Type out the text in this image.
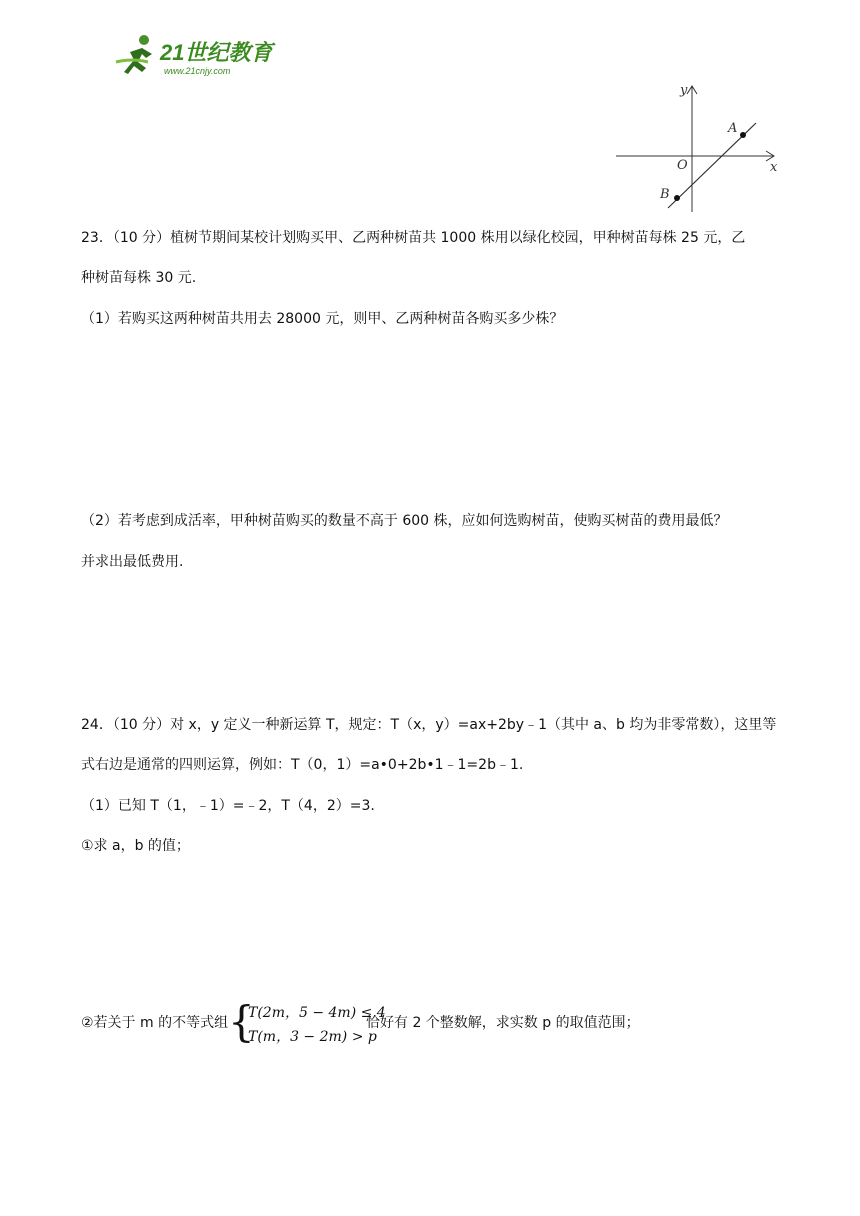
21世纪教育
www.21cnjy.com
y
x
O
A
B
23．（10 分）植树节期间某校计划购买甲、乙两种树苗共 1000 株用以绿化校园，甲种树苗每株 25 元，乙
种树苗每株 30 元.
（1）若购买这两种树苗共用去 28000 元，则甲、乙两种树苗各购买多少株？
（2）若考虑到成活率，甲种树苗购买的数量不高于 600 株，应如何选购树苗，使购买树苗的费用最低？
并求出最低费用.
24．（10 分）对 x，y 定义一种新运算 T，规定：T（x，y）=ax+2by﹣1（其中 a、b 均为非零常数），这里等
式右边是通常的四则运算，例如：T（0，1）=a•0+2b•1﹣1=2b﹣1.
（1）已知 T（1，﹣1）=﹣2，T（4，2）=3.
①求 a，b 的值；
②若关于 m 的不等式组 {
T(2m，5 − 4m) ≤ 4
T(m，3 − 2m) > p
恰好有 2 个整数解，求实数 p 的取值范围；
